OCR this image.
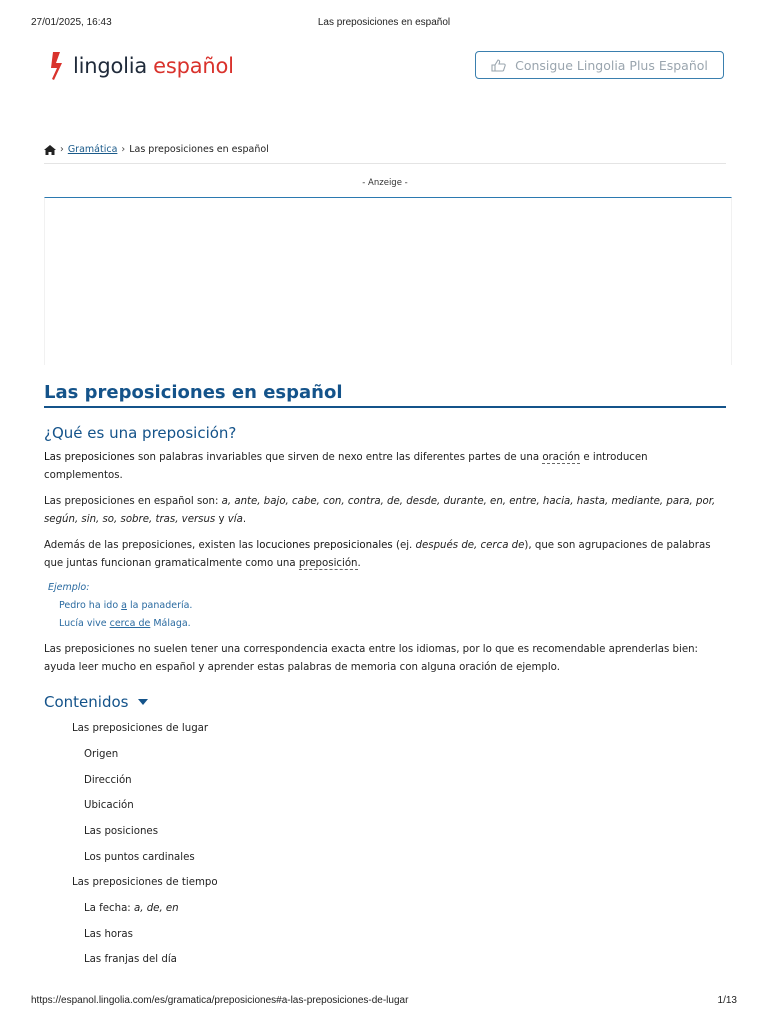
27/01/2025, 16:43	Las preposiciones en español
lingolia español	Consigue Lingolia Plus Español
› Gramática › Las preposiciones en español
- Anzeige -
Las preposiciones en español
¿Qué es una preposición?

Las preposiciones son palabras invariables que sirven de nexo entre las diferentes partes de una oración e introducen complementos.

Las preposiciones en español son: a, ante, bajo, cabe, con, contra, de, desde, durante, en, entre, hacia, hasta, mediante, para, por, según, sin, so, sobre, tras, versus y vía.

Además de las preposiciones, existen las locuciones preposicionales (ej. después de, cerca de), que son agrupaciones de palabras que juntas funcionan gramaticalmente como una preposición.

Ejemplo:
Pedro ha ido a la panadería.
Lucía vive cerca de Málaga.

Las preposiciones no suelen tener una correspondencia exacta entre los idiomas, por lo que es recomendable aprenderlas bien: ayuda leer mucho en español y aprender estas palabras de memoria con alguna oración de ejemplo.

Contenidos
Las preposiciones de lugar
Origen
Dirección
Ubicación
Las posiciones
Los puntos cardinales
Las preposiciones de tiempo
La fecha: a, de, en
Las horas
Las franjas del día
https://espanol.lingolia.com/es/gramatica/preposiciones#a-las-preposiciones-de-lugar	1/13
